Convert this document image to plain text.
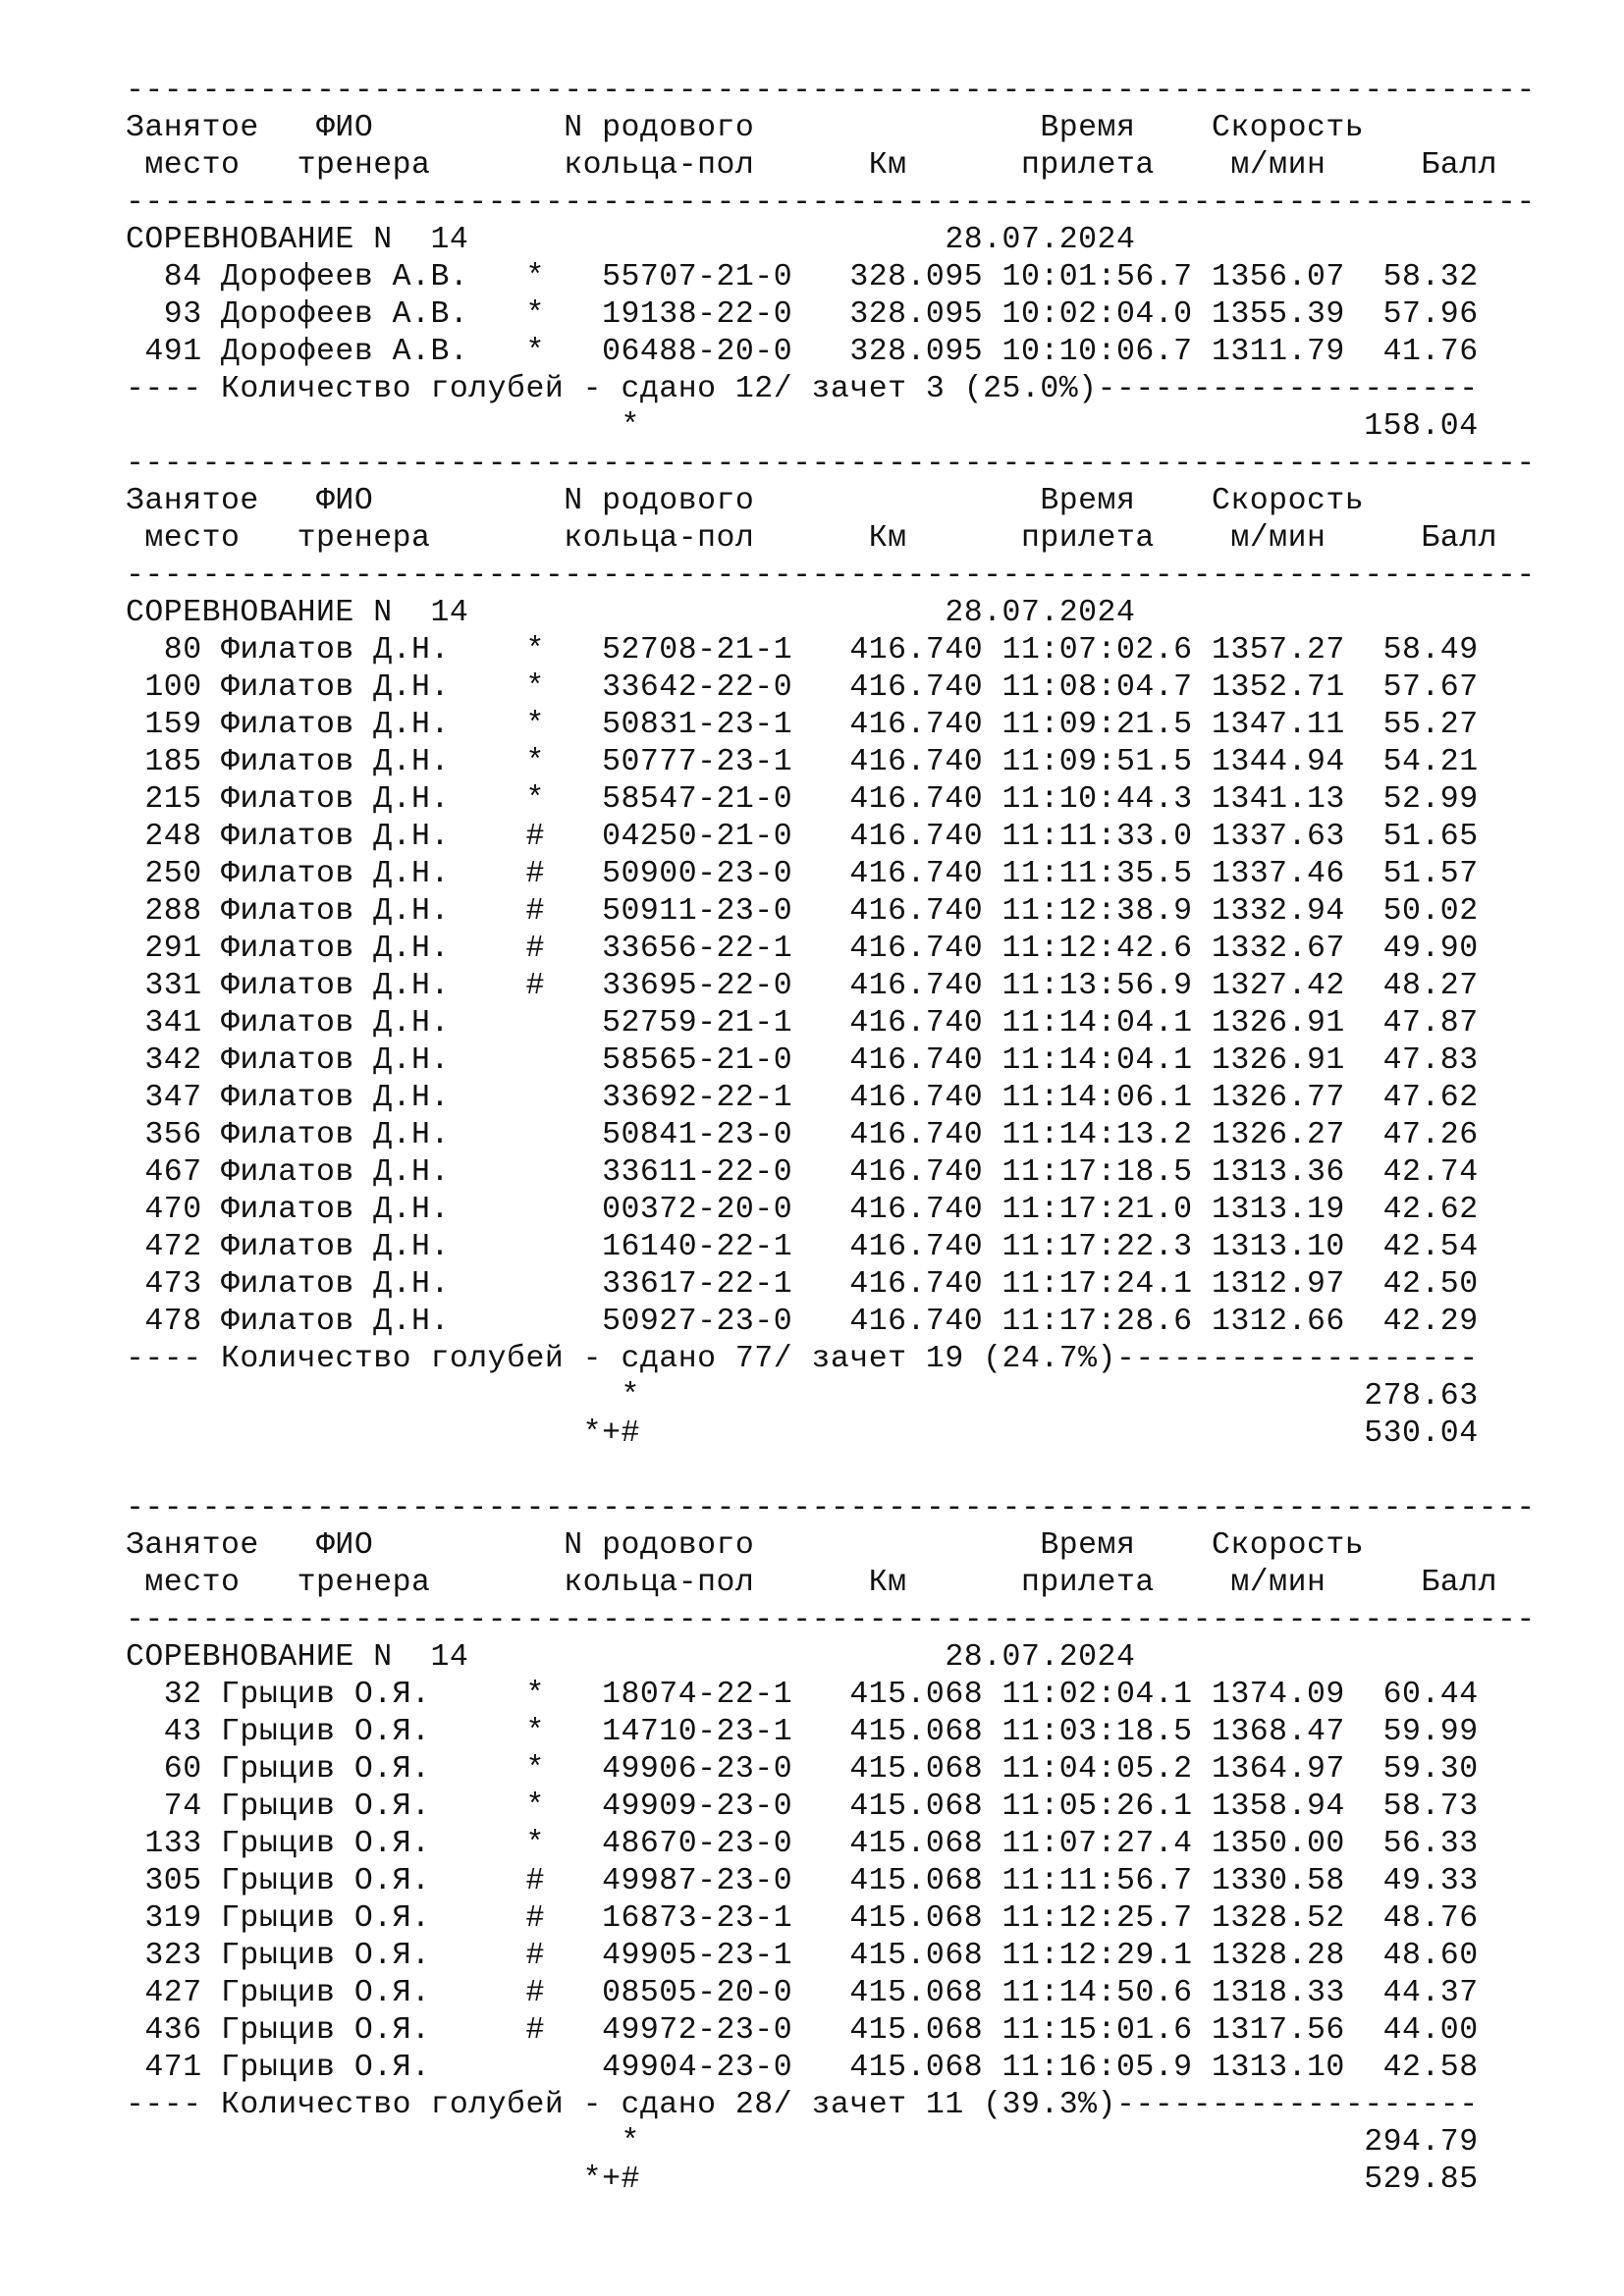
--------------------------------------------------------------------------
Занятое   ФИО          N родового               Время    Скорость
место   тренера       кольца-пол      Км      прилета    м/мин     Балл
--------------------------------------------------------------------------
СОРЕВНОВАНИЕ N  14                         28.07.2024
84 Дорофеев А.В.   *   55707-21-0   328.095 10:01:56.7 1356.07  58.32
93 Дорофеев А.В.   *   19138-22-0   328.095 10:02:04.0 1355.39  57.96
491 Дорофеев А.В.   *   06488-20-0   328.095 10:10:06.7 1311.79  41.76
---- Количество голубей - сдано 12/ зачет 3 (25.0%)--------------------
*                                      158.04
--------------------------------------------------------------------------
Занятое   ФИО          N родового               Время    Скорость
место   тренера       кольца-пол      Км      прилета    м/мин     Балл
--------------------------------------------------------------------------
СОРЕВНОВАНИЕ N  14                         28.07.2024
80 Филатов Д.Н.    *   52708-21-1   416.740 11:07:02.6 1357.27  58.49
100 Филатов Д.Н.    *   33642-22-0   416.740 11:08:04.7 1352.71  57.67
159 Филатов Д.Н.    *   50831-23-1   416.740 11:09:21.5 1347.11  55.27
185 Филатов Д.Н.    *   50777-23-1   416.740 11:09:51.5 1344.94  54.21
215 Филатов Д.Н.    *   58547-21-0   416.740 11:10:44.3 1341.13  52.99
248 Филатов Д.Н.    #   04250-21-0   416.740 11:11:33.0 1337.63  51.65
250 Филатов Д.Н.    #   50900-23-0   416.740 11:11:35.5 1337.46  51.57
288 Филатов Д.Н.    #   50911-23-0   416.740 11:12:38.9 1332.94  50.02
291 Филатов Д.Н.    #   33656-22-1   416.740 11:12:42.6 1332.67  49.90
331 Филатов Д.Н.    #   33695-22-0   416.740 11:13:56.9 1327.42  48.27
341 Филатов Д.Н.        52759-21-1   416.740 11:14:04.1 1326.91  47.87
342 Филатов Д.Н.        58565-21-0   416.740 11:14:04.1 1326.91  47.83
347 Филатов Д.Н.        33692-22-1   416.740 11:14:06.1 1326.77  47.62
356 Филатов Д.Н.        50841-23-0   416.740 11:14:13.2 1326.27  47.26
467 Филатов Д.Н.        33611-22-0   416.740 11:17:18.5 1313.36  42.74
470 Филатов Д.Н.        00372-20-0   416.740 11:17:21.0 1313.19  42.62
472 Филатов Д.Н.        16140-22-1   416.740 11:17:22.3 1313.10  42.54
473 Филатов Д.Н.        33617-22-1   416.740 11:17:24.1 1312.97  42.50
478 Филатов Д.Н.        50927-23-0   416.740 11:17:28.6 1312.66  42.29
---- Количество голубей - сдано 77/ зачет 19 (24.7%)-------------------
*                                      278.63
*+#                                      530.04
--------------------------------------------------------------------------
Занятое   ФИО          N родового               Время    Скорость
место   тренера       кольца-пол      Км      прилета    м/мин     Балл
--------------------------------------------------------------------------
СОРЕВНОВАНИЕ N  14                         28.07.2024
32 Грыцив О.Я.     *   18074-22-1   415.068 11:02:04.1 1374.09  60.44
43 Грыцив О.Я.     *   14710-23-1   415.068 11:03:18.5 1368.47  59.99
60 Грыцив О.Я.     *   49906-23-0   415.068 11:04:05.2 1364.97  59.30
74 Грыцив О.Я.     *   49909-23-0   415.068 11:05:26.1 1358.94  58.73
133 Грыцив О.Я.     *   48670-23-0   415.068 11:07:27.4 1350.00  56.33
305 Грыцив О.Я.     #   49987-23-0   415.068 11:11:56.7 1330.58  49.33
319 Грыцив О.Я.     #   16873-23-1   415.068 11:12:25.7 1328.52  48.76
323 Грыцив О.Я.     #   49905-23-1   415.068 11:12:29.1 1328.28  48.60
427 Грыцив О.Я.     #   08505-20-0   415.068 11:14:50.6 1318.33  44.37
436 Грыцив О.Я.     #   49972-23-0   415.068 11:15:01.6 1317.56  44.00
471 Грыцив О.Я.         49904-23-0   415.068 11:16:05.9 1313.10  42.58
---- Количество голубей - сдано 28/ зачет 11 (39.3%)-------------------
*                                      294.79
*+#                                      529.85
